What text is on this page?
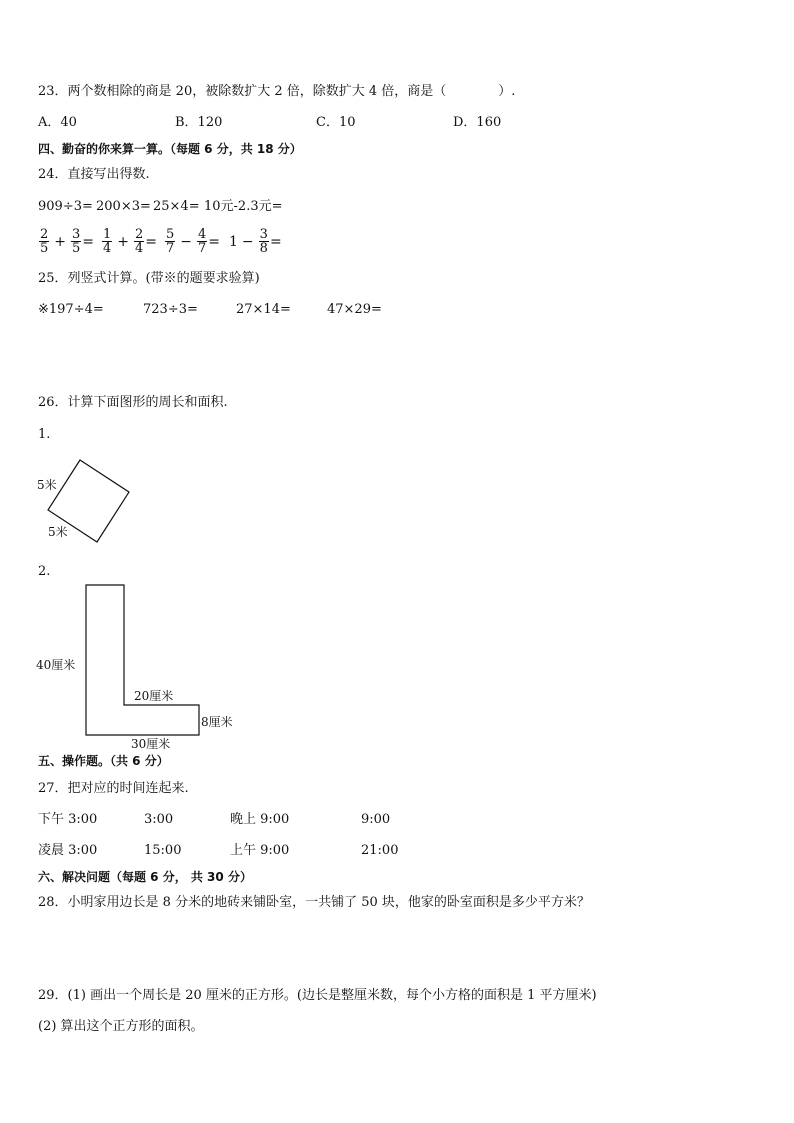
23．两个数相除的商是 20，被除数扩大 2 倍，除数扩大 4 倍，商是（　　　　）.
A．40	B．120	C．10	D．160
四、勤奋的你来算一算。（每题 6 分，共 18 分）
24．直接写出得数.
909÷3= 200×3= 25×4= 10元-2.3元=
$\frac{2}{5} + \frac{3}{5} = \frac{1}{4} + \frac{2}{4} = \frac{5}{7} - \frac{4}{7} = 1 - \frac{3}{8}$ =
25．列竖式计算。(带※的题要求验算)
※197÷4=	723÷3=	27×14=	47×29=
26．计算下面图形的周长和面积.
1.
5米
5米
2.
40厘米
20厘米
8厘米
30厘米
五、操作题。（共 6 分）
27．把对应的时间连起来.
下午 3:00	3:00	晚上 9:00	9:00
凌晨 3:00	15:00	上午 9:00	21:00
六、解决问题（每题 6 分， 共 30 分）
28．小明家用边长是 8 分米的地砖来铺卧室，一共铺了 50 块，他家的卧室面积是多少平方米？
29．(1) 画出一个周长是 20 厘米的正方形。(边长是整厘米数，每个小方格的面积是 1 平方厘米)
(2) 算出这个正方形的面积。
